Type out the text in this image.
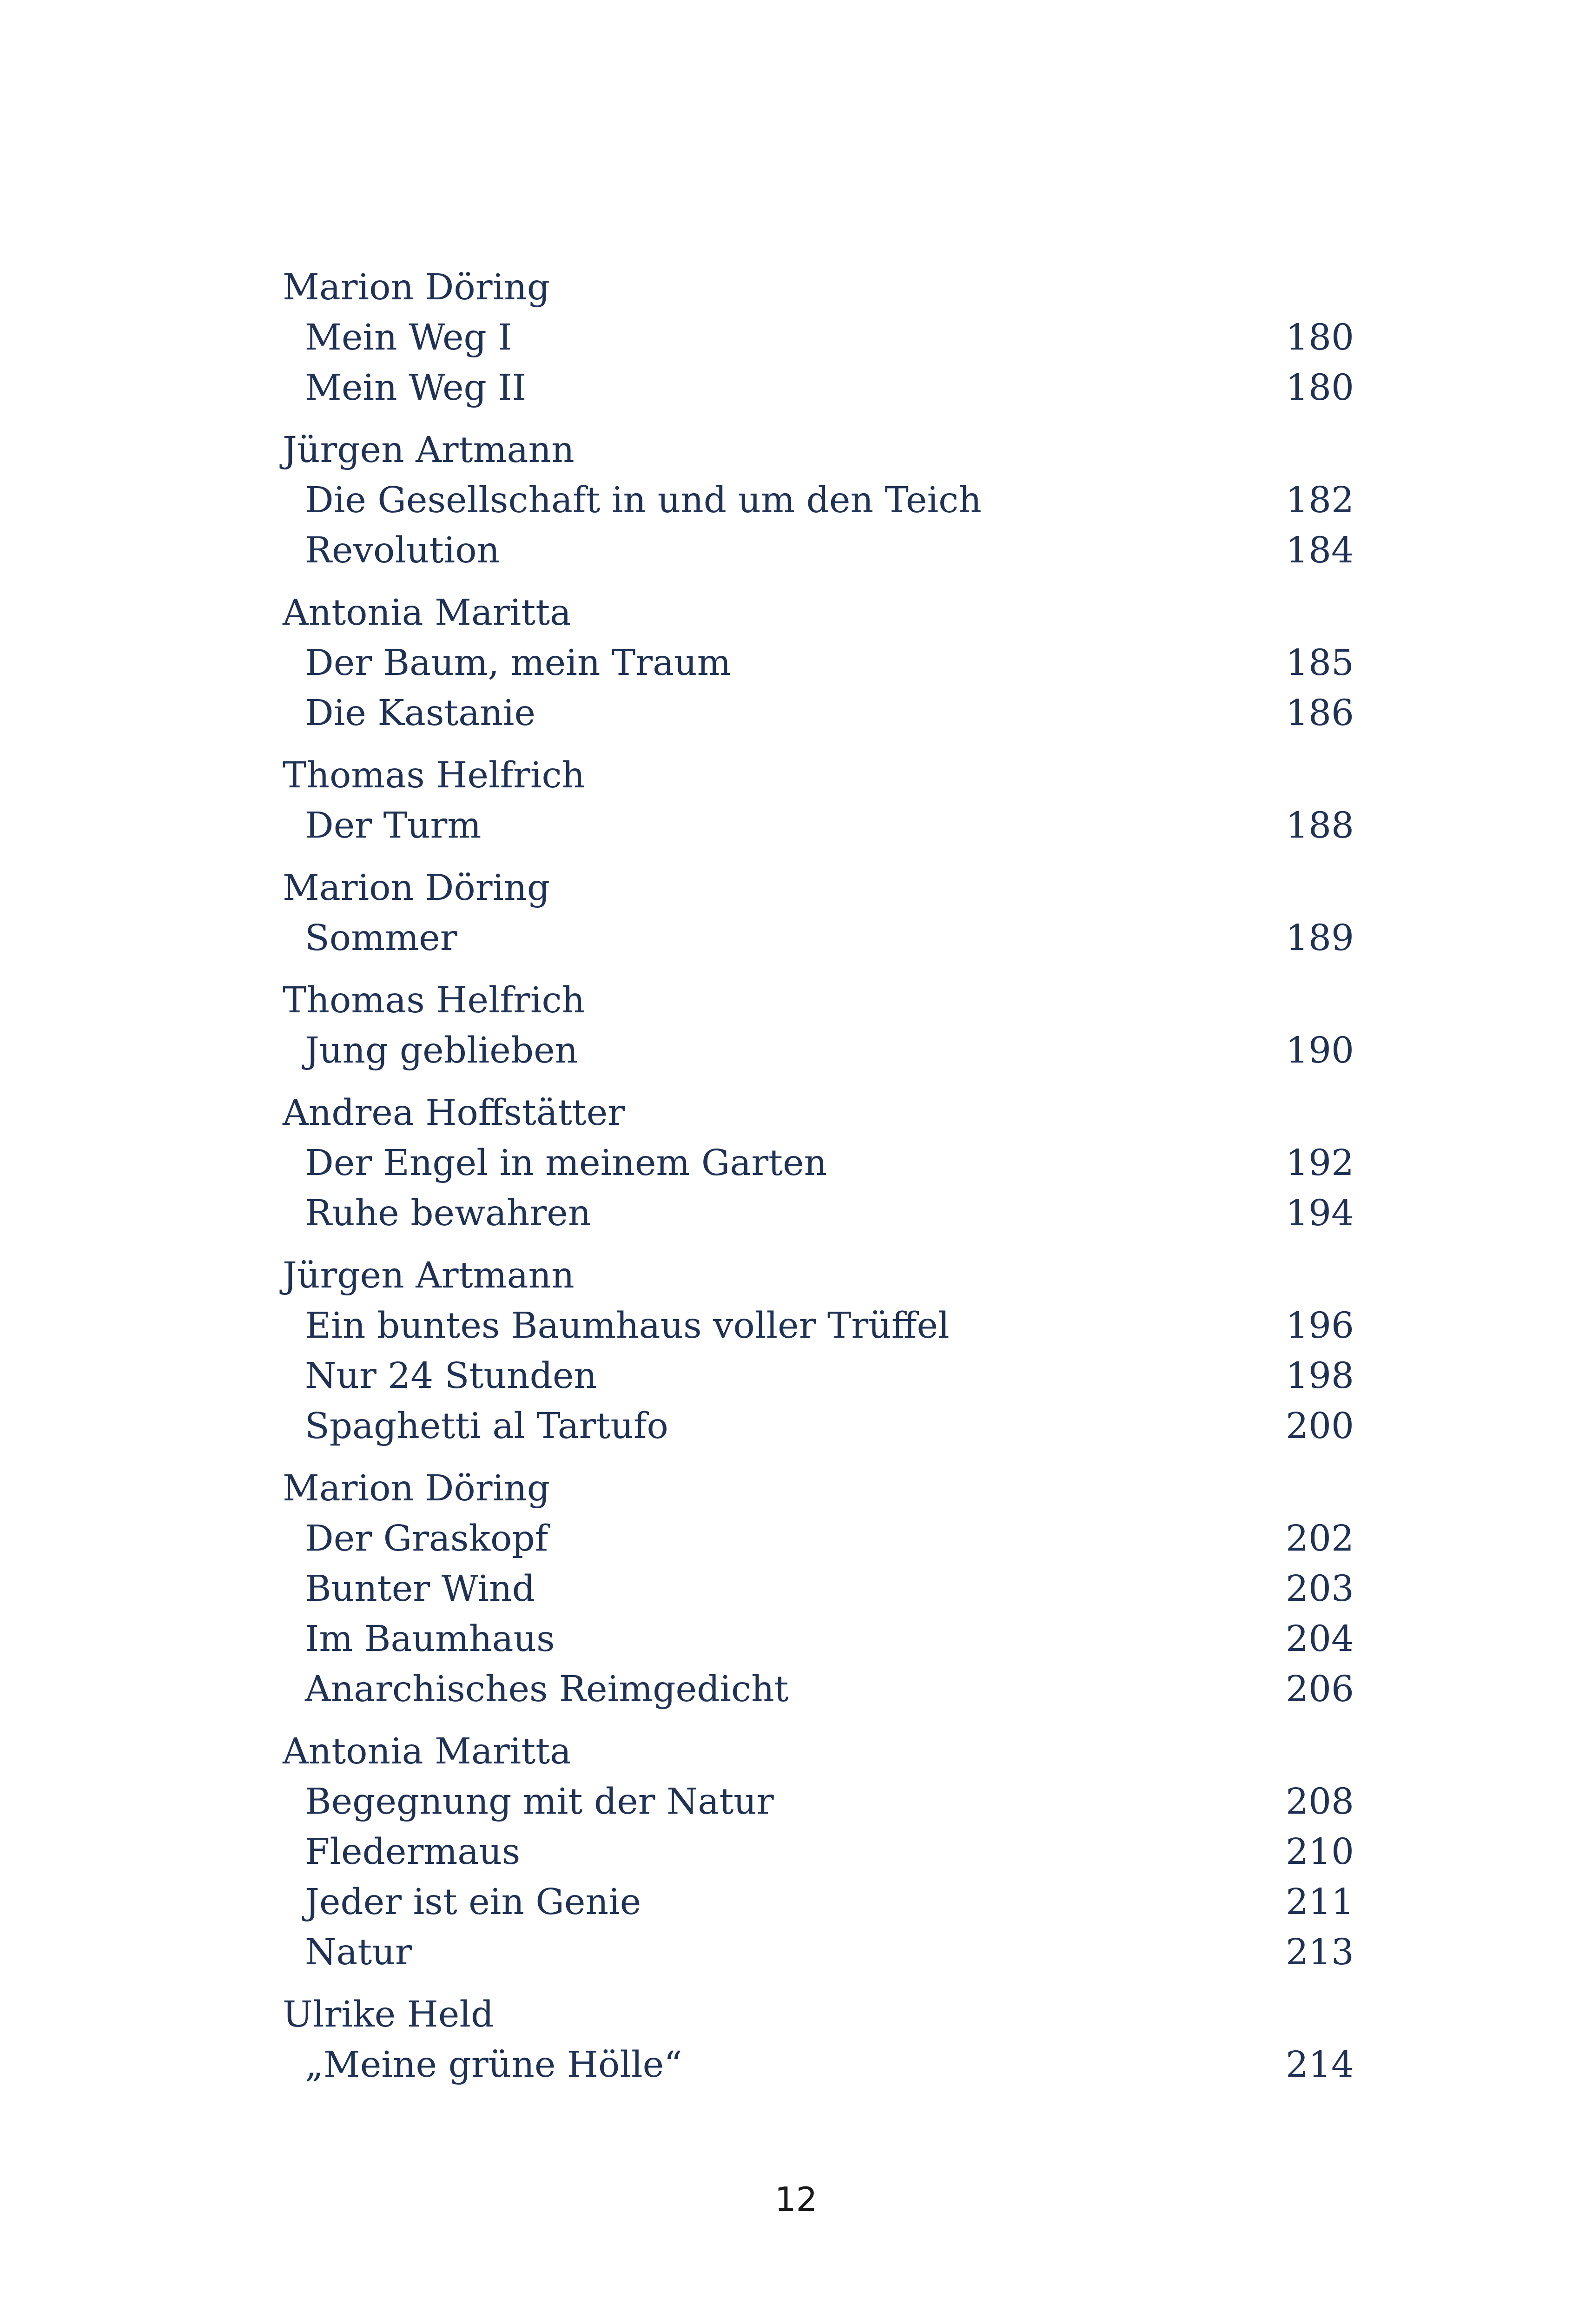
Marion Döring
Mein Weg I	180
Mein Weg II	180
Jürgen Artmann
Die Gesellschaft in und um den Teich	182
Revolution	184
Antonia Maritta
Der Baum, mein Traum	185
Die Kastanie	186
Thomas Helfrich
Der Turm	188
Marion Döring
Sommer	189
Thomas Helfrich
Jung geblieben	190
Andrea Hoffstätter
Der Engel in meinem Garten	192
Ruhe bewahren	194
Jürgen Artmann
Ein buntes Baumhaus voller Trüffel	196
Nur 24 Stunden	198
Spaghetti al Tartufo	200
Marion Döring
Der Graskopf	202
Bunter Wind	203
Im Baumhaus	204
Anarchisches Reimgedicht	206
Antonia Maritta
Begegnung mit der Natur	208
Fledermaus	210
Jeder ist ein Genie	211
Natur	213
Ulrike Held
„Meine grüne Hölle“	214
12
